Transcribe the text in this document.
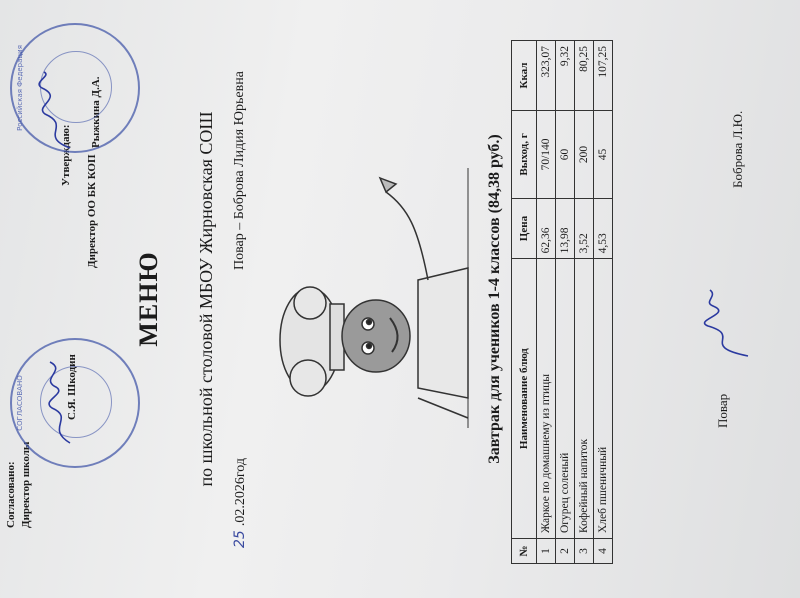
Согласовано: Директор школы
С.Я. Шкодин
СОГЛАСОВАНО
Утверждаю: Директор ОО БК КОП
Рыжкина Д.А.
Российская Федерация
МЕНЮ по школьной столовой МБОУ Жирновская СОШ
25.02.2026год
Повар – Боброва Лидия Юрьевна	Завтрак для учеников 1-4 классов (84,38 руб.)
№	Наименование блюд	Цена	Выход, г	Ккал
1	Жаркое по домашнему из птицы	62,36	70/140	323,07
2	Огурец соленый	13,98	60	9,32
3	Кофейный напиток	3,52	200	80,25
4	Хлеб пшеничный	4,53	45	107,25
Повар
Боброва Л.Ю.
